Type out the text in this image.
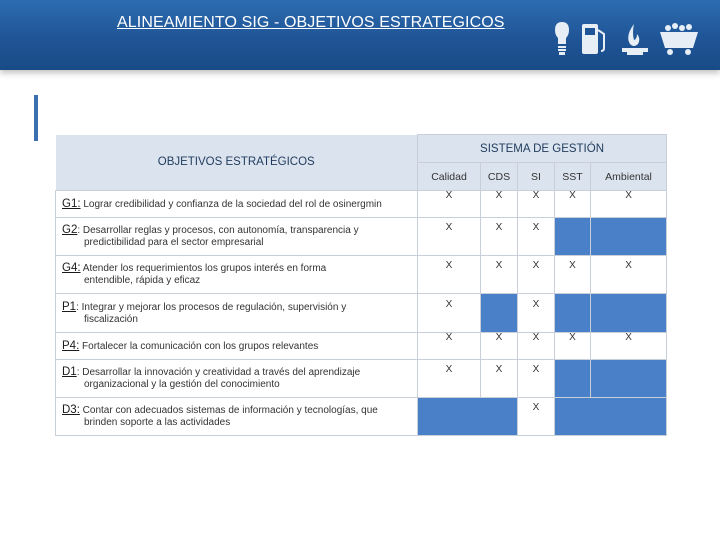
ALINEAMIENTO SIG - OBJETIVOS ESTRATEGICOS
OBJETIVOS ESTRATÉGICOS	SISTEMA DE GESTIÓN				
	Calidad	CDS	SI	SST	Ambiental
G1: Lograr credibilidad y confianza de la sociedad del rol de osinergmin	X	X	X	X	X
G2: Desarrollar reglas y procesos, con autonomía, transparencia y
predictibilidad para el sector empresarial	X	X	X		
G4: Atender los requerimientos los grupos interés en forma
entendible, rápida y eficaz	X	X	X	X	X
P1: Integrar y mejorar los procesos de regulación, supervisión y
fiscalización	X		X		
P4: Fortalecer la comunicación con los grupos relevantes	X	X	X	X	X
D1: Desarrollar la innovación y creatividad a través del aprendizaje
organizacional y la gestión del conocimiento	X	X	X		
D3: Contar con adecuados sistemas de información y tecnologías, que
brinden soporte a las actividades			X		
